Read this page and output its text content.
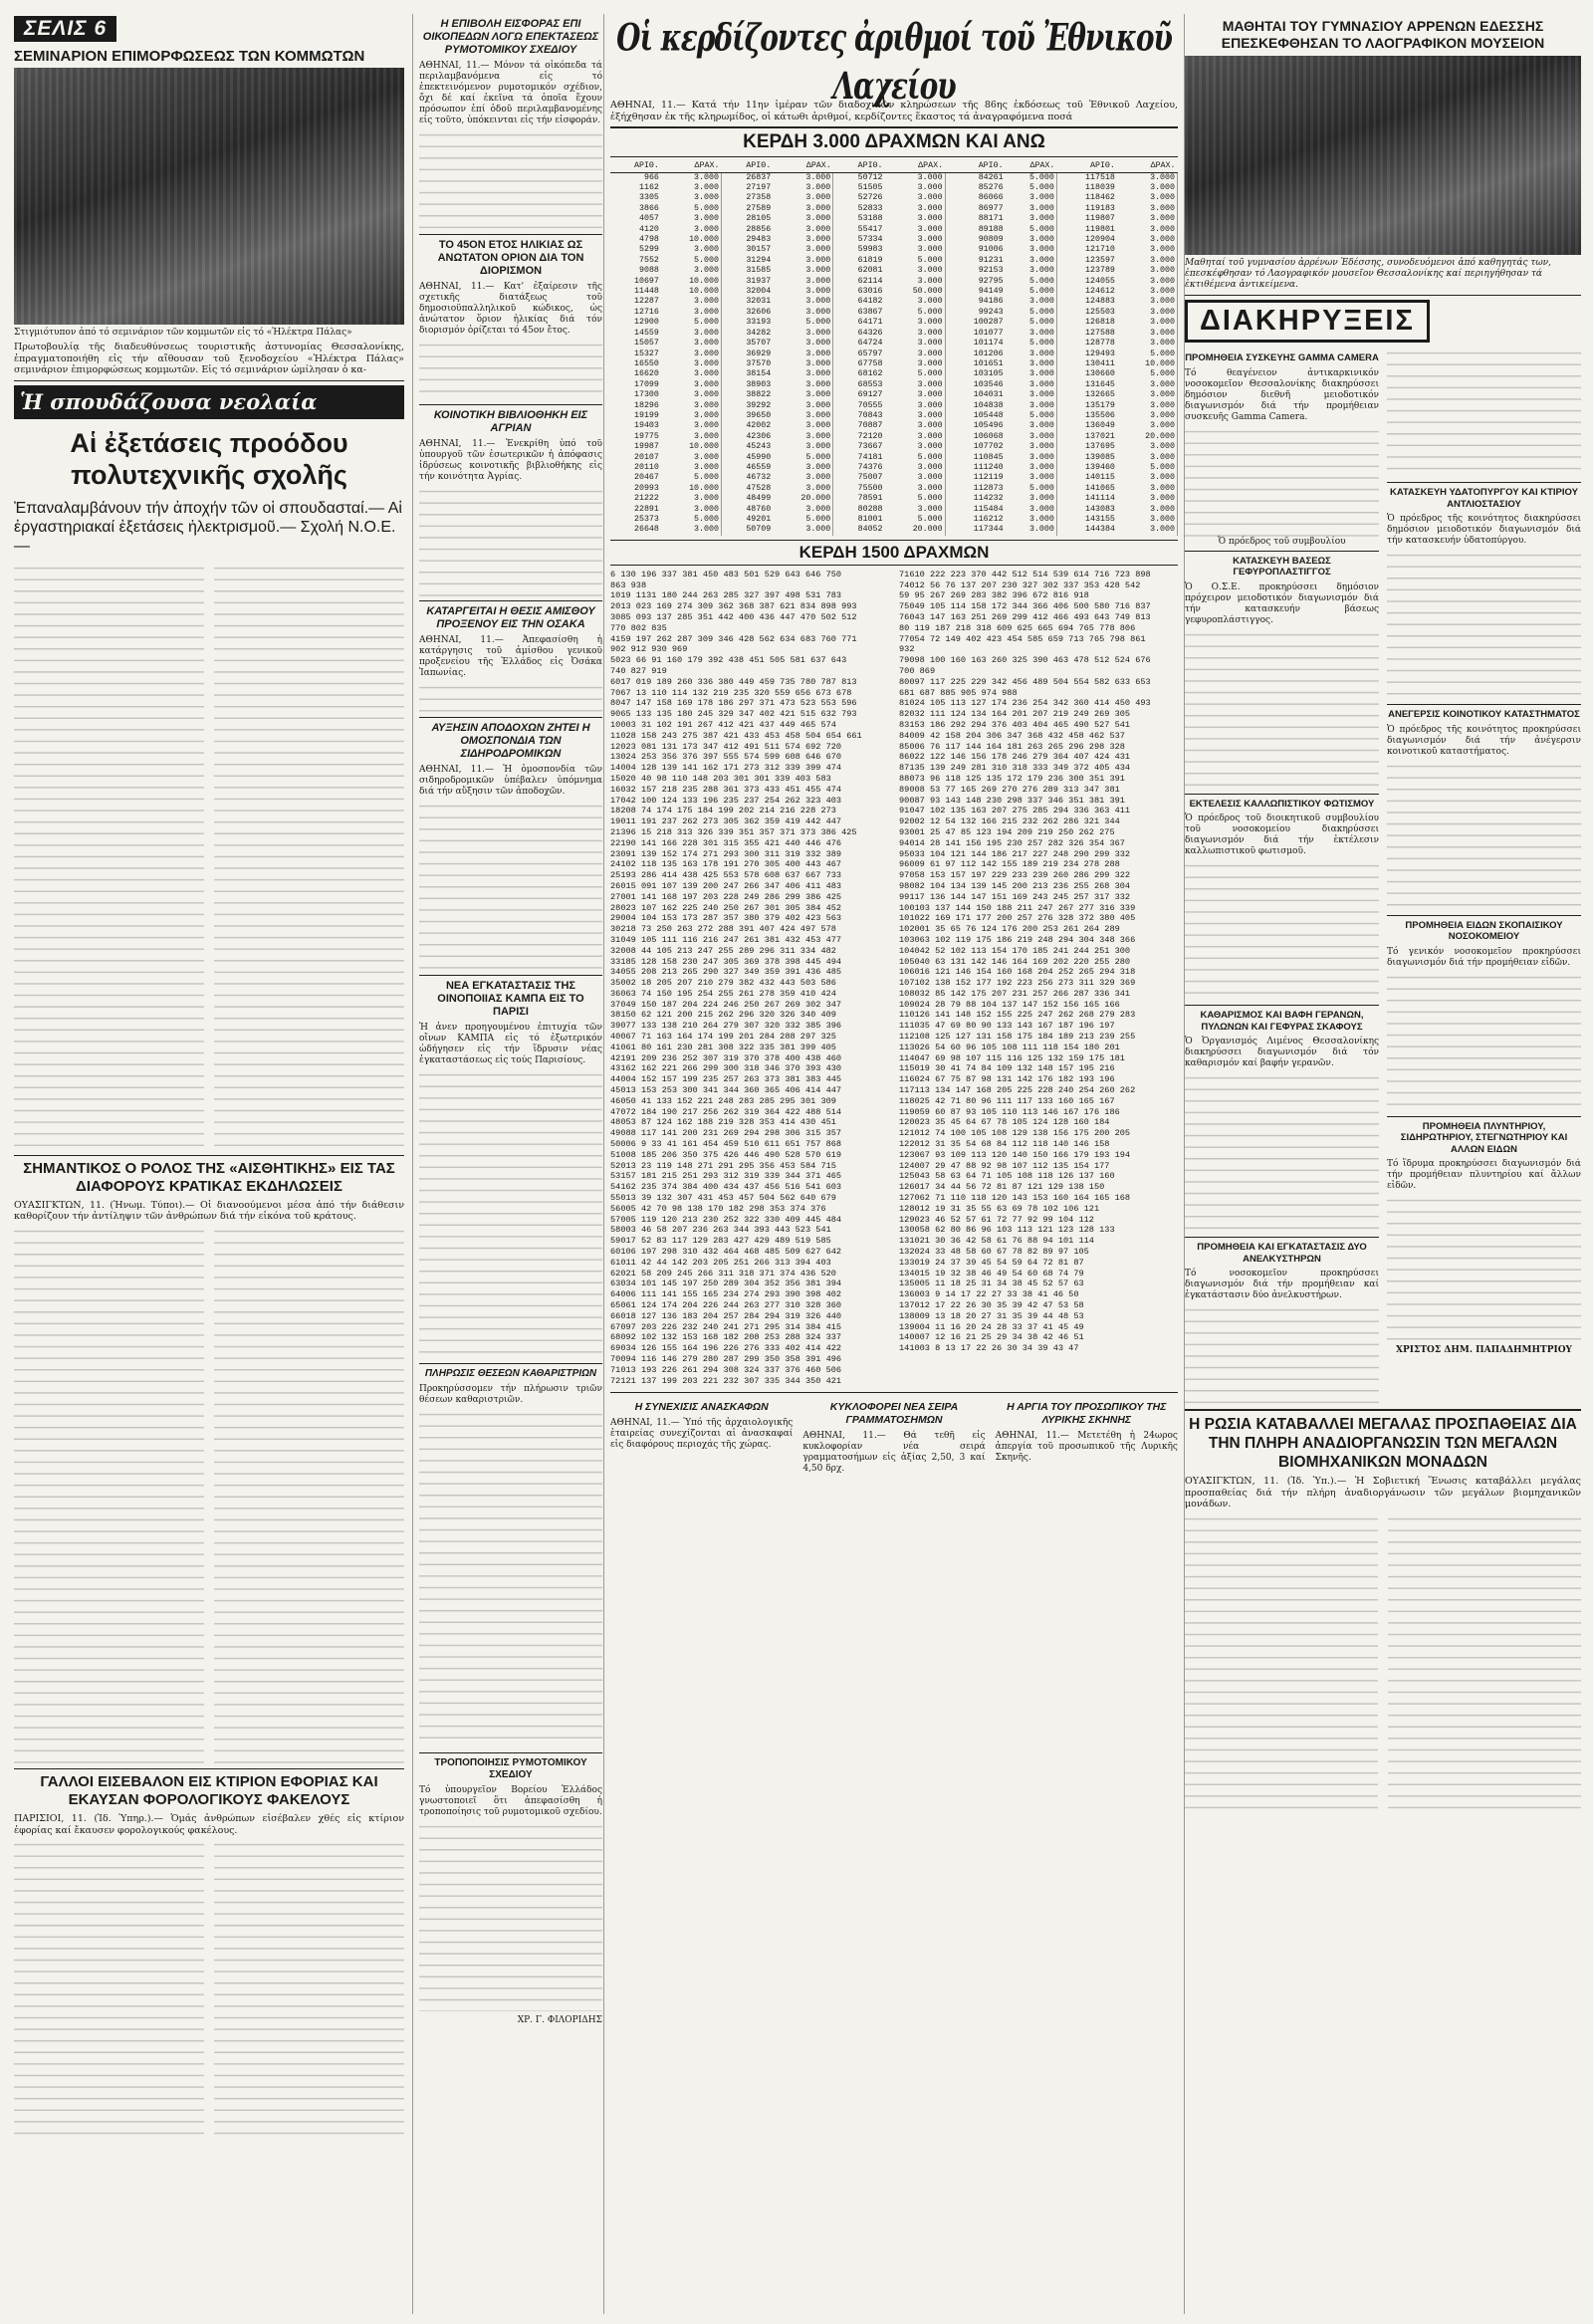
ΣΕΛΙΣ 6
ΣΕΜΙΝΑΡΙΟΝ ΕΠΙΜΟΡΦΩΣΕΩΣ ΤΩΝ ΚΟΜΜΩΤΩΝ
Στιγμιότυπον ἀπό τό σεμινάριον τῶν κομμωτῶν εἰς τό «Ἠλέκτρα Πάλας»

Πρωτοβουλίᾳ τῆς διαδευθύνσεως τουριστικῆς ἀστυνομίας Θεσσαλονίκης, ἐπραγματοποιήθη εἰς τήν αἴθουσαν τοῦ ξενοδοχείου «Ἠλέκτρα Πάλας» σεμινάριον ἐπιμορφώσεως κομμωτῶν. Εἰς τό σεμινάριον ὡμίλησαν ὁ κα-

Ἡ σπουδάζουσα νεολαία
Αἱ ἐξετάσεις προόδου πολυτεχνικῆς σχολῆς
Ἐπαναλαμβάνουν τήν ἀποχήν τῶν οἱ σπουδασταί.— Αἱ ἐργαστηριακαί ἐξετάσεις ἠλεκτρισμοῦ.— Σχολή Ν.Ο.Ε.—
ΣΗΜΑΝΤΙΚΟΣ Ο ΡΟΛΟΣ ΤΗΣ «ΑΙΣΘΗΤΙΚΗΣ» ΕΙΣ ΤΑΣ ΔΙΑΦΟΡΟΥΣ ΚΡΑΤΙΚΑΣ ΕΚΔΗΛΩΣΕΙΣ

ΟΥΑΣΙΓΚΤΩΝ, 11. (Ἠνωμ. Τύποι).— Οἱ διανοούμενοι μέσα ἀπό τήν διάθεσιν καθορίζουν τήν ἀντίληψιν τῶν ἀνθρώπων διά τήν εἰκόνα τοῦ κράτους.

ΓΑΛΛΟΙ ΕΙΣΕΒΑΛΟΝ ΕΙΣ ΚΤΙΡΙΟΝ ΕΦΟΡΙΑΣ ΚΑΙ ΕΚΑΥΣΑΝ ΦΟΡΟΛΟΓΙΚΟΥΣ ΦΑΚΕΛΟΥΣ

ΠΑΡΙΣΙΟΙ, 11. (Ἰδ. Ὑπηρ.).— Ὁμάς ἀνθρώπων εἰσέβαλεν χθές εἰς κτίριον ἐφορίας καί ἔκαυσεν φορολογικούς φακέλους.

Η ΕΠΙΒΟΛΗ ΕΙΣΦΟΡΑΣ ΕΠΙ ΟΙΚΟΠΕΔΩΝ ΛΟΓΩ ΕΠΕΚΤΑΣΕΩΣ ΡΥΜΟΤΟΜΙΚΟΥ ΣΧΕΔΙΟΥ

ΑΘΗΝΑΙ, 11.— Μόνον τά οἰκόπεδα τά περιλαμβανόμενα εἰς τό ἐπεκτεινόμενον ρυμοτομικόν σχέδιον, ὄχι δέ καί ἐκεῖνα τά ὁποῖα ἔχουν πρόσωπον ἐπί ὁδοῦ περιλαμβανομένης εἰς τοῦτο, ὑπόκεινται εἰς τήν εἰσφοράν.

ΤΟ 45ΟΝ ΕΤΟΣ ΗΛΙΚΙΑΣ ΩΣ ΑΝΩΤΑΤΟΝ ΟΡΙΟΝ ΔΙΑ ΤΟΝ ΔΙΟΡΙΣΜΟΝ

ΑΘΗΝΑΙ, 11.— Κατ' ἐξαίρεσιν τῆς σχετικῆς διατάξεως τοῦ δημοσιοϋπαλληλικοῦ κώδικος, ὡς ἀνώτατον ὅριον ἡλικίας διά τόν διορισμόν ὁρίζεται τό 45ον ἔτος.

ΚΟΙΝΟΤΙΚΗ ΒΙΒΛΙΟΘΗΚΗ ΕΙΣ ΑΓΡΙΑΝ

ΑΘΗΝΑΙ, 11.— Ἐνεκρίθη ὑπό τοῦ ὑπουργοῦ τῶν ἐσωτερικῶν ἡ ἀπόφασις ἱδρύσεως κοινοτικῆς βιβλιοθήκης εἰς τήν κοινότητα Ἀγρίας.

ΚΑΤΑΡΓΕΙΤΑΙ Η ΘΕΣΙΣ ΑΜΙΣΘΟΥ ΠΡΟΞΕΝΟΥ ΕΙΣ ΤΗΝ ΟΣΑΚΑ

ΑΘΗΝΑΙ, 11.— Ἀπεφασίσθη ἡ κατάργησις τοῦ ἀμίσθου γενικοῦ προξενείου τῆς Ἑλλάδος εἰς Ὀσάκα Ἰαπωνίας.

ΑΥΞΗΣΙΝ ΑΠΟΔΟΧΩΝ ΖΗΤΕΙ Η ΟΜΟΣΠΟΝΔΙΑ ΤΩΝ ΣΙΔΗΡΟΔΡΟΜΙΚΩΝ

ΑΘΗΝΑΙ, 11.— Ἡ ὁμοσπονδία τῶν σιδηροδρομικῶν ὑπέβαλεν ὑπόμνημα διά τήν αὔξησιν τῶν ἀποδοχῶν.

ΝΕΑ ΕΓΚΑΤΑΣΤΑΣΙΣ ΤΗΣ ΟΙΝΟΠΟΙΙΑΣ ΚΑΜΠΑ ΕΙΣ ΤΟ ΠΑΡΙΣΙ

Ἡ ἀνεν προηγουμένου ἐπιτυχία τῶν οἴνων ΚΑΜΠΑ εἰς τό ἐξωτερικόν ὡδήγησεν εἰς τήν ἵδρυσιν νέας ἐγκαταστάσεως εἰς τούς Παρισίους.

ΠΛΗΡΩΣΙΣ ΘΕΣΕΩΝ ΚΑΘΑΡΙΣΤΡΙΩΝ

Προκηρύσσομεν τήν πλήρωσιν τριῶν θέσεων καθαριστριῶν.

ΤΡΟΠΟΠΟΙΗΣΙΣ ΡΥΜΟΤΟΜΙΚΟΥ ΣΧΕΔΙΟΥ

Τό ὑπουργεῖον Βορείου Ἑλλάδος γνωστοποιεῖ ὅτι ἀπεφασίσθη ἡ τροποποίησις τοῦ ρυμοτομικοῦ σχεδίου.

ΧΡ. Γ. ΦΙΛΟΡΙΔΗΣ
Οἱ κερδίζοντες ἀριθμοί τοῦ Ἐθνικοῦ Λαχείου

ΑΘΗΝΑΙ, 11.— Κατά τήν 11ην ἰμέραν τῶν διαδοχικῶν κληρώσεων τῆς 86ης ἐκδόσεως τοῦ Ἐθνικοῦ Λαχείου, ἐξήχθησαν ἐκ τῆς κληρωμίδος, οἱ κάτωθι ἀριθμοί, κερδίζοντες ἕκαστος τά ἀναγραφόμενα ποσά

ΚΕΡΔΗ 3.000 ΔΡΑΧΜΩΝ ΚΑΙ ΑΝΩ
ΑΡΙΘ.	ΔΡΑΧ.	ΑΡΙΘ.	ΔΡΑΧ.	ΑΡΙΘ.	ΔΡΑΧ.	ΑΡΙΘ.	ΔΡΑΧ.	ΑΡΙΘ.	ΔΡΑΧ.
966	3.000	26837	3.000	50712	3.000	84261	5.000	117518	3.000
1162	3.000	27197	3.000	51505	3.000	85276	5.000	118039	3.000
3305	3.000	27358	3.000	52726	3.000	86066	3.000	118462	3.000
3866	5.000	27589	3.000	52833	3.000	86977	3.000	119183	3.000
4057	3.000	28105	3.000	53188	3.000	88171	3.000	119807	3.000
4120	3.000	28856	3.000	55417	3.000	89188	5.000	119801	3.000
4798	10.000	29483	3.000	57334	3.000	90809	3.000	120904	3.000
5299	3.000	30157	3.000	59983	3.000	91006	3.000	121710	3.000
7552	5.000	31294	3.000	61819	5.000	91231	3.000	123597	3.000
9088	3.000	31585	3.000	62081	3.000	92153	3.000	123789	3.000
10697	10.000	31937	3.000	62114	3.000	92795	5.000	124055	3.000
11448	10.000	32004	3.000	63016	50.000	94149	5.000	124612	3.000
12287	3.000	32031	3.000	64182	3.000	94186	3.000	124883	3.000
12716	3.000	32606	3.000	63867	5.000	99243	5.000	125503	3.000
12900	5.000	33193	5.000	64171	3.000	100287	5.000	126818	3.000
14559	3.000	34282	3.000	64326	3.000	101077	3.000	127588	3.000
15057	3.000	35707	3.000	64724	3.000	101174	5.000	128778	3.000
15327	3.000	36929	3.000	65797	3.000	101206	3.000	129493	5.000
16550	3.000	37570	3.000	67758	3.000	101651	3.000	130411	10.000
16620	3.000	38154	3.000	68162	5.000	103105	3.000	130660	5.000
17099	3.000	38903	3.000	68553	3.000	103546	3.000	131645	3.000
17300	3.000	38822	3.000	69127	3.000	104031	3.000	132665	3.000
18296	3.000	39292	3.000	70555	3.000	104838	3.000	135179	3.000
19199	3.000	39650	3.000	70843	3.000	105448	5.000	135506	3.000
19403	3.000	42002	3.000	70887	3.000	105496	3.000	136049	3.000
19775	3.000	42306	3.000	72120	3.000	106068	3.000	137021	20.000
19987	10.000	45243	3.000	73667	3.000	107702	3.000	137695	3.000
20107	3.000	45990	5.000	74181	5.000	110845	3.000	139085	3.000
20110	3.000	46559	3.000	74376	3.000	111240	3.000	139460	5.000
20467	5.000	46732	3.000	75007	3.000	112119	3.000	140115	3.000
20993	10.000	47528	3.000	75500	3.000	112873	5.000	141065	3.000
21222	3.000	48499	20.000	78591	5.000	114232	3.000	141114	3.000
22891	3.000	48760	3.000	80288	3.000	115484	3.000	143083	3.000
25373	5.000	49201	5.000	81001	5.000	116212	3.000	143155	3.000
26648	3.000	50709	3.000	84052	20.000	117344	3.000	144384	3.000
ΚΕΡΔΗ 1500 ΔΡΑΧΜΩΝ
6 130 196 337 381 450 483 501 529 643 646 750
863 938
1019 1131 180 244 263 285 327 397 498 531 783
2013 023 169 274 309 362 368 387 621 834 898 993
3085 093 137 285 351 442 400 436 447 470 502 512
770 802 835
4159 197 262 287 309 346 428 562 634 683 760 771
902 912 930 969
5023 66 91 160 179 392 438 451 505 581 637 643
740 827 919
6017 019 189 260 336 380 449 459 735 780 787 813
7067 13 110 114 132 219 235 320 559 656 673 678
8047 147 158 169 178 186 297 371 473 523 553 596
9065 133 135 180 245 329 347 402 421 515 632 793
10003 31 102 191 267 412 421 437 449 465 574
11028 158 243 275 387 421 433 453 458 504 654 661
12023 081 131 173 347 412 491 511 574 692 720
13024 253 356 376 397 555 574 599 608 646 670
14004 128 139 141 162 171 273 312 339 399 474
15020 40 98 110 148 203 301 301 339 403 583
16032 157 218 235 288 361 373 433 451 455 474
17042 100 124 133 196 235 237 254 262 323 403
18208 74 174 175 184 199 202 214 216 228 273
19011 191 237 262 273 305 362 359 419 442 447
21396 15 218 313 326 339 351 357 371 373 386 425
22190 141 166 228 301 315 355 421 440 446 476
23091 139 152 174 271 293 300 311 319 332 389
24102 118 135 163 178 191 270 305 400 443 467
25193 286 414 438 425 553 578 608 637 667 733
26015 091 107 139 200 247 266 347 406 411 483
27001 141 168 197 203 228 249 286 299 386 425
28023 107 162 225 240 250 267 301 305 384 452
29004 104 153 173 287 357 380 379 402 423 563
30218 73 250 263 272 288 391 407 424 497 578
31049 105 111 116 216 247 261 381 432 453 477
32008 44 105 213 247 255 289 296 311 334 482
33185 128 158 230 247 305 369 378 398 445 494
34055 208 213 265 290 327 349 359 391 436 485
35002 18 205 207 210 279 382 432 443 503 586
36063 74 150 195 254 255 261 278 359 410 424
37049 150 187 204 224 246 250 267 269 302 347
38150 62 121 200 215 262 296 320 326 340 409
39077 133 138 210 264 279 307 320 332 385 396
40067 71 163 164 174 199 201 284 288 297 325
41061 80 161 230 281 308 322 335 381 399 405
42191 209 236 252 307 319 370 378 400 438 460
43162 162 221 266 299 300 318 346 370 393 430
44004 152 157 199 235 257 263 373 381 383 445
45013 153 253 300 341 344 360 365 406 414 447
46050 41 133 152 221 248 283 285 295 301 309
47072 184 190 217 256 262 319 364 422 488 514
48053 87 124 162 188 219 328 353 414 430 451
49088 117 141 200 231 269 294 298 306 315 357
50006 9 33 41 161 454 459 510 611 651 757 868
51008 185 206 350 375 426 446 490 528 570 619
52013 23 119 148 271 291 295 356 453 584 715
53157 181 215 251 293 312 319 339 344 371 465
54162 235 374 384 400 434 437 456 516 541 603
55013 39 132 307 431 453 457 504 562 640 679
56005 42 70 98 138 170 182 298 353 374 376
57005 119 120 213 230 252 322 330 409 445 484
58003 46 58 207 236 263 344 393 443 523 541
59017 52 83 117 129 283 427 429 489 519 585
60106 197 298 310 432 464 468 485 509 627 642
61011 42 44 142 203 205 251 266 313 394 403
62021 58 209 245 266 311 318 371 374 436 520
63034 101 145 197 250 289 304 352 356 381 394
64006 111 141 155 165 234 274 293 390 398 402
65061 124 174 204 226 244 263 277 310 328 360
66018 127 136 183 204 257 284 294 319 326 440
67097 203 226 232 240 241 271 295 314 384 415
68092 102 132 153 168 182 208 253 288 324 337
69034 126 155 164 196 226 276 333 402 414 422
70094 116 146 279 280 287 299 350 358 391 496
71013 193 226 261 294 308 324 337 376 460 506
72121 137 199 203 221 232 307 335 344 350 421
71610 222 223 370 442 512 514 539 614 716 723 898
74012 56 76 137 207 230 327 302 337 353 428 542
59 95 267 269 283 382 396 672 816 918
75049 105 114 158 172 344 366 406 500 580 716 837
76043 147 163 251 269 299 412 466 493 643 749 813
80 119 187 218 318 609 625 665 694 765 778 806
77054 72 149 402 423 454 585 659 713 765 798 861
932
79098 100 160 163 260 325 390 463 478 512 524 676
700 869
80097 117 225 229 342 456 489 504 554 582 633 653
681 687 885 905 974 988
81024 105 113 127 174 236 254 342 360 414 450 493
82032 111 124 134 164 201 207 219 249 269 305
83153 186 292 294 376 403 404 465 490 527 541
84009 42 158 204 306 347 368 432 458 462 537
85006 76 117 144 164 181 263 265 296 298 328
86022 122 146 156 178 246 279 364 407 424 431
87135 139 249 281 310 318 333 349 372 405 434
88073 96 118 125 135 172 179 236 300 351 391
89008 53 77 165 269 270 276 289 313 347 381
90087 93 143 148 230 298 337 346 351 381 391
91047 102 135 163 207 275 285 294 336 363 411
92002 12 54 132 166 215 232 262 286 321 344
93001 25 47 85 123 194 209 219 250 262 275
94014 28 141 156 195 230 257 282 326 354 367
95033 104 121 144 186 217 227 248 290 299 332
96009 61 97 112 142 155 189 219 234 278 288
97058 153 157 197 229 233 239 260 286 299 322
98082 104 134 139 145 200 213 236 255 268 304
99117 136 144 147 151 169 243 245 257 317 332
100103 137 144 150 188 211 247 267 277 316 339
101022 169 171 177 200 257 276 328 372 380 405
102001 35 65 76 124 176 200 253 261 264 289
103063 102 119 175 186 219 248 294 304 348 366
104042 52 102 113 154 170 185 241 244 251 300
105040 63 131 142 146 164 169 202 220 255 280
106016 121 146 154 160 168 204 252 265 294 318
107102 138 152 177 192 223 256 273 311 329 369
108032 85 142 175 207 231 257 266 287 336 341
109024 28 79 88 104 137 147 152 156 165 166
110126 141 148 152 155 225 247 262 268 279 283
111035 47 69 80 90 133 143 167 187 196 197
112108 125 127 131 158 175 184 189 213 239 255
113026 54 60 96 105 108 111 118 154 180 201
114047 69 98 107 115 116 125 132 159 175 181
115019 30 41 74 84 109 132 148 157 195 216
116024 67 75 87 98 131 142 176 182 193 196
117113 134 147 168 205 225 228 240 254 260 262
118025 42 71 80 96 111 117 133 160 165 167
119059 60 87 93 105 110 113 146 167 176 186
120023 35 45 64 67 78 105 124 128 160 184
121012 74 100 105 108 129 138 156 175 200 205
122012 31 35 54 68 84 112 118 140 146 158
123067 93 109 113 120 140 150 166 179 193 194
124007 29 47 88 92 98 107 112 135 154 177
125043 58 63 64 71 105 108 118 126 137 160
126017 34 44 56 72 81 87 121 129 138 150
127062 71 110 118 120 143 153 160 164 165 168
128012 19 31 35 55 63 69 78 102 106 121
129023 46 52 57 61 72 77 92 99 104 112
130058 62 80 86 96 103 113 121 123 128 133
131021 30 36 42 58 61 76 88 94 101 114
132024 33 48 58 60 67 78 82 89 97 105
133019 24 37 39 45 54 59 64 72 81 87
134015 19 32 38 46 49 54 60 68 74 79
135005 11 18 25 31 34 38 45 52 57 63
136003 9 14 17 22 27 33 38 41 46 50
137012 17 22 26 30 35 39 42 47 53 58
138009 13 18 20 27 31 35 39 44 48 53
139004 11 16 20 24 28 33 37 41 45 49
140007 12 16 21 25 29 34 38 42 46 51
141003 8 13 17 22 26 30 34 39 43 47
Η ΣΥΝΕΧΙΣΙΣ ΑΝΑΣΚΑΦΩΝ

ΑΘΗΝΑΙ, 11.— Ὑπό τῆς ἀρχαιολογικῆς ἑταιρείας συνεχίζονται αἱ ἀνασκαφαί εἰς διαφόρους περιοχάς τῆς χώρας.

ΚΥΚΛΟΦΟΡΕΙ ΝΕΑ ΣΕΙΡΑ ΓΡΑΜΜΑΤΟΣΗΜΩΝ

ΑΘΗΝΑΙ, 11.— Θά τεθῆ εἰς κυκλοφορίαν νέα σειρά γραμματοσήμων εἰς ἀξίας 2,50, 3 καί 4,50 δρχ.

Η ΑΡΓΙΑ ΤΟΥ ΠΡΟΣΩΠΙΚΟΥ ΤΗΣ ΛΥΡΙΚΗΣ ΣΚΗΝΗΣ

ΑΘΗΝΑΙ, 11.— Μετετέθη ἡ 24ωρος ἀπεργία τοῦ προσωπικοῦ τῆς Λυρικῆς Σκηνῆς.

ΜΑΘΗΤΑΙ ΤΟΥ ΓΥΜΝΑΣΙΟΥ ΑΡΡΕΝΩΝ ΕΔΕΣΣΗΣ ΕΠΕΣΚΕΦΘΗΣΑΝ ΤΟ ΛΑΟΓΡΑΦΙΚΟΝ ΜΟΥΣΕΙΟΝ
Μαθηταί τοῦ γυμνασίου ἀρρένων Ἐδέσσης, συνοδευόμενοι ἀπό καθηγητάς των, ἐπεσκέφθησαν τό Λαογραφικόν μουσεῖον Θεσσαλονίκης καί περιηγήθησαν τά ἐκτιθέμενα ἀντικείμενα.
ΔΙΑΚΗΡΥΞΕΙΣ
ΠΡΟΜΗΘΕΙΑ ΣΥΣΚΕΥΗΣ GAMMA CAMERA

Τό θεαγένειον ἀντικαρκινικόν νοσοκομεῖον Θεσσαλονίκης διακηρύσσει δημόσιον διεθνῆ μειοδοτικόν διαγωνισμόν διά τήν προμήθειαν συσκευῆς Gamma Camera.

Ὁ πρόεδρος τοῦ συμβουλίου
ΚΑΤΑΣΚΕΥΗ ΒΑΣΕΩΣ ΓΕΦΥΡΟΠΛΑΣΤΙΓΓΟΣ

Ὁ Ο.Σ.Ε. προκηρύσσει δημόσιον πρόχειρον μειοδοτικόν διαγωνισμόν διά τήν κατασκευήν βάσεως γεφυροπλάστιγγος.

ΕΚΤΕΛΕΣΙΣ ΚΑΛΛΩΠΙΣΤΙΚΟΥ ΦΩΤΙΣΜΟΥ

Ὁ πρόεδρος τοῦ διοικητικοῦ συμβουλίου τοῦ νοσοκομείου διακηρύσσει διαγωνισμόν διά τήν ἐκτέλεσιν καλλωπιστικοῦ φωτισμοῦ.

ΚΑΘΑΡΙΣΜΟΣ ΚΑΙ ΒΑΦΗ ΓΕΡΑΝΩΝ, ΠΥΛΩΝΩΝ ΚΑΙ ΓΕΦΥΡΑΣ ΣΚΑΦΟΥΣ

Ὁ Ὀργανισμός Λιμένος Θεσσαλονίκης διακηρύσσει διαγωνισμόν διά τόν καθαρισμόν καί βαφήν γερανῶν.

ΠΡΟΜΗΘΕΙΑ ΚΑΙ ΕΓΚΑΤΑΣΤΑΣΙΣ ΔΥΟ ΑΝΕΛΚΥΣΤΗΡΩΝ

Τό νοσοκομεῖον προκηρύσσει διαγωνισμόν διά τήν προμήθειαν καί ἐγκατάστασιν δύο ἀνελκυστήρων.

ΚΑΤΑΣΚΕΥΗ ΥΔΑΤΟΠΥΡΓΟΥ ΚΑΙ ΚΤΙΡΙΟΥ ΑΝΤΛΙΟΣΤΑΣΙΟΥ

Ὁ πρόεδρος τῆς κοινότητος διακηρύσσει δημόσιον μειοδοτικόν διαγωνισμόν διά τήν κατασκευήν ὑδατοπύργου.

ΑΝΕΓΕΡΣΙΣ ΚΟΙΝΟΤΙΚΟΥ ΚΑΤΑΣΤΗΜΑΤΟΣ

Ὁ πρόεδρος τῆς κοινότητος προκηρύσσει διαγωνισμόν διά τήν ἀνέγερσιν κοινοτικοῦ καταστήματος.

ΠΡΟΜΗΘΕΙΑ ΕΙΔΩΝ ΣΚΟΠΑΙΣΙΚΟΥ ΝΟΣΟΚΟΜΕΙΟΥ

Τό γενικόν νοσοκομεῖον προκηρύσσει διαγωνισμόν διά τήν προμήθειαν εἰδῶν.

ΠΡΟΜΗΘΕΙΑ ΠΛΥΝΤΗΡΙΟΥ, ΣΙΔΗΡΩΤΗΡΙΟΥ, ΣΤΕΓΝΩΤΗΡΙΟΥ ΚΑΙ ΑΛΛΩΝ ΕΙΔΩΝ

Τό ἵδρυμα προκηρύσσει διαγωνισμόν διά τήν προμήθειαν πλυντηρίου καί ἄλλων εἰδῶν.

ΧΡΙΣΤΟΣ ΔΗΜ. ΠΑΠΑΔΗΜΗΤΡΙΟΥ
Η ΡΩΣΙΑ ΚΑΤΑΒΑΛΛΕΙ ΜΕΓΑΛΑΣ ΠΡΟΣΠΑΘΕΙΑΣ ΔΙΑ ΤΗΝ ΠΛΗΡΗ ΑΝΑΔΙΟΡΓΑΝΩΣΙΝ ΤΩΝ ΜΕΓΑΛΩΝ ΒΙΟΜΗΧΑΝΙΚΩΝ ΜΟΝΑΔΩΝ

ΟΥΑΣΙΓΚΤΩΝ, 11. (Ἰδ. Ὑπ.).— Ἡ Σοβιετική Ἕνωσις καταβάλλει μεγάλας προσπαθείας διά τήν πλήρη ἀναδιοργάνωσιν τῶν μεγάλων βιομηχανικῶν μονάδων.
